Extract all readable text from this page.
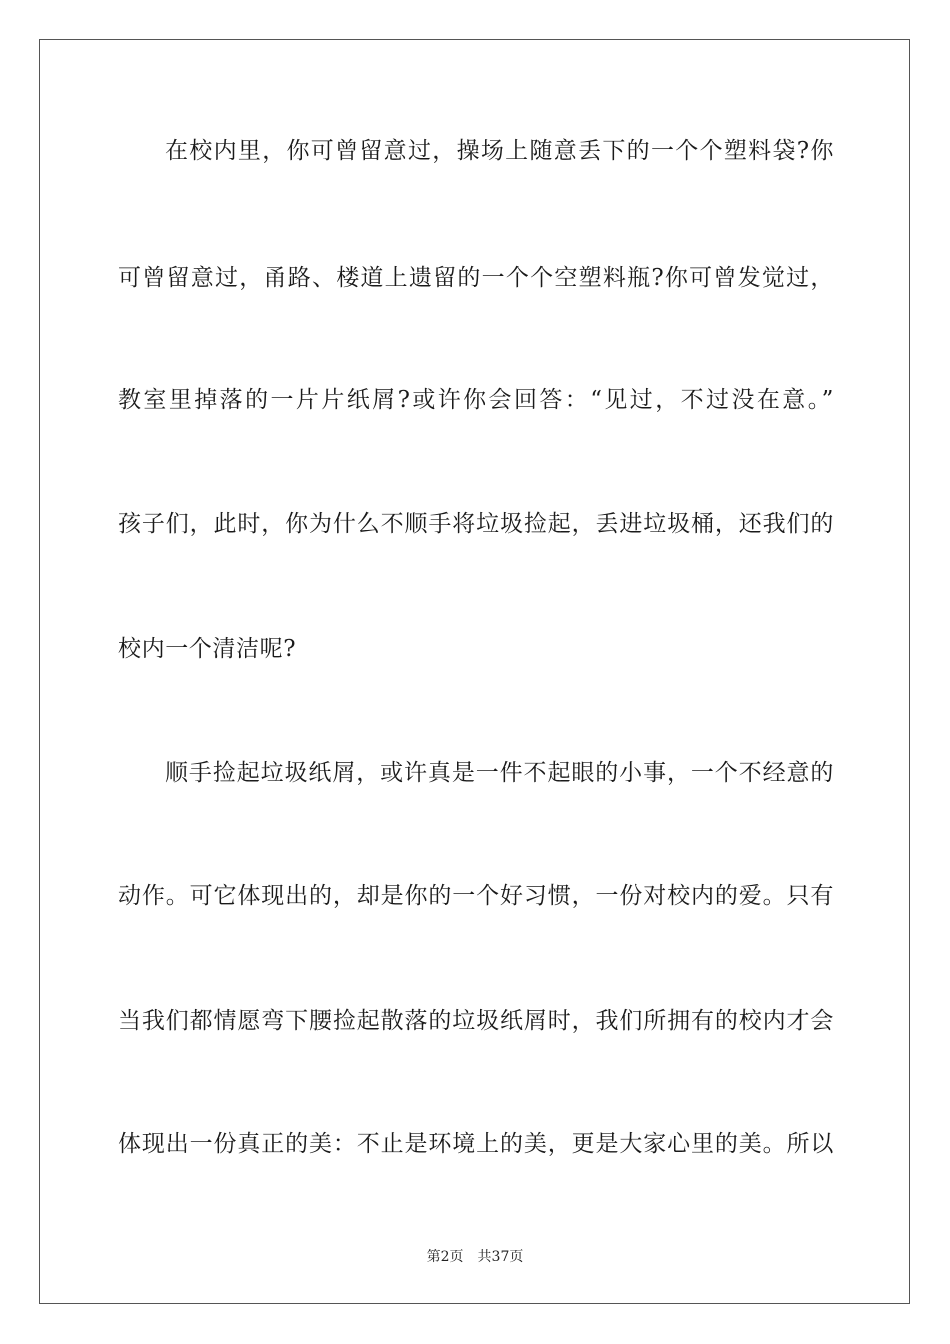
在校内里，你可曾留意过，操场上随意丢下的一个个塑料袋?你
可曾留意过，甬路、楼道上遗留的一个个空塑料瓶?你可曾发觉过，
教室里掉落的一片片纸屑?或许你会回答：“见过，不过没在意。”
孩子们，此时，你为什么不顺手将垃圾捡起，丢进垃圾桶，还我们的
校内一个清洁呢?
顺手捡起垃圾纸屑，或许真是一件不起眼的小事，一个不经意的
动作。可它体现出的，却是你的一个好习惯，一份对校内的爱。只有
当我们都情愿弯下腰捡起散落的垃圾纸屑时，我们所拥有的校内才会
体现出一份真正的美：不止是环境上的美，更是大家心里的美。所以
第2页 共37页
